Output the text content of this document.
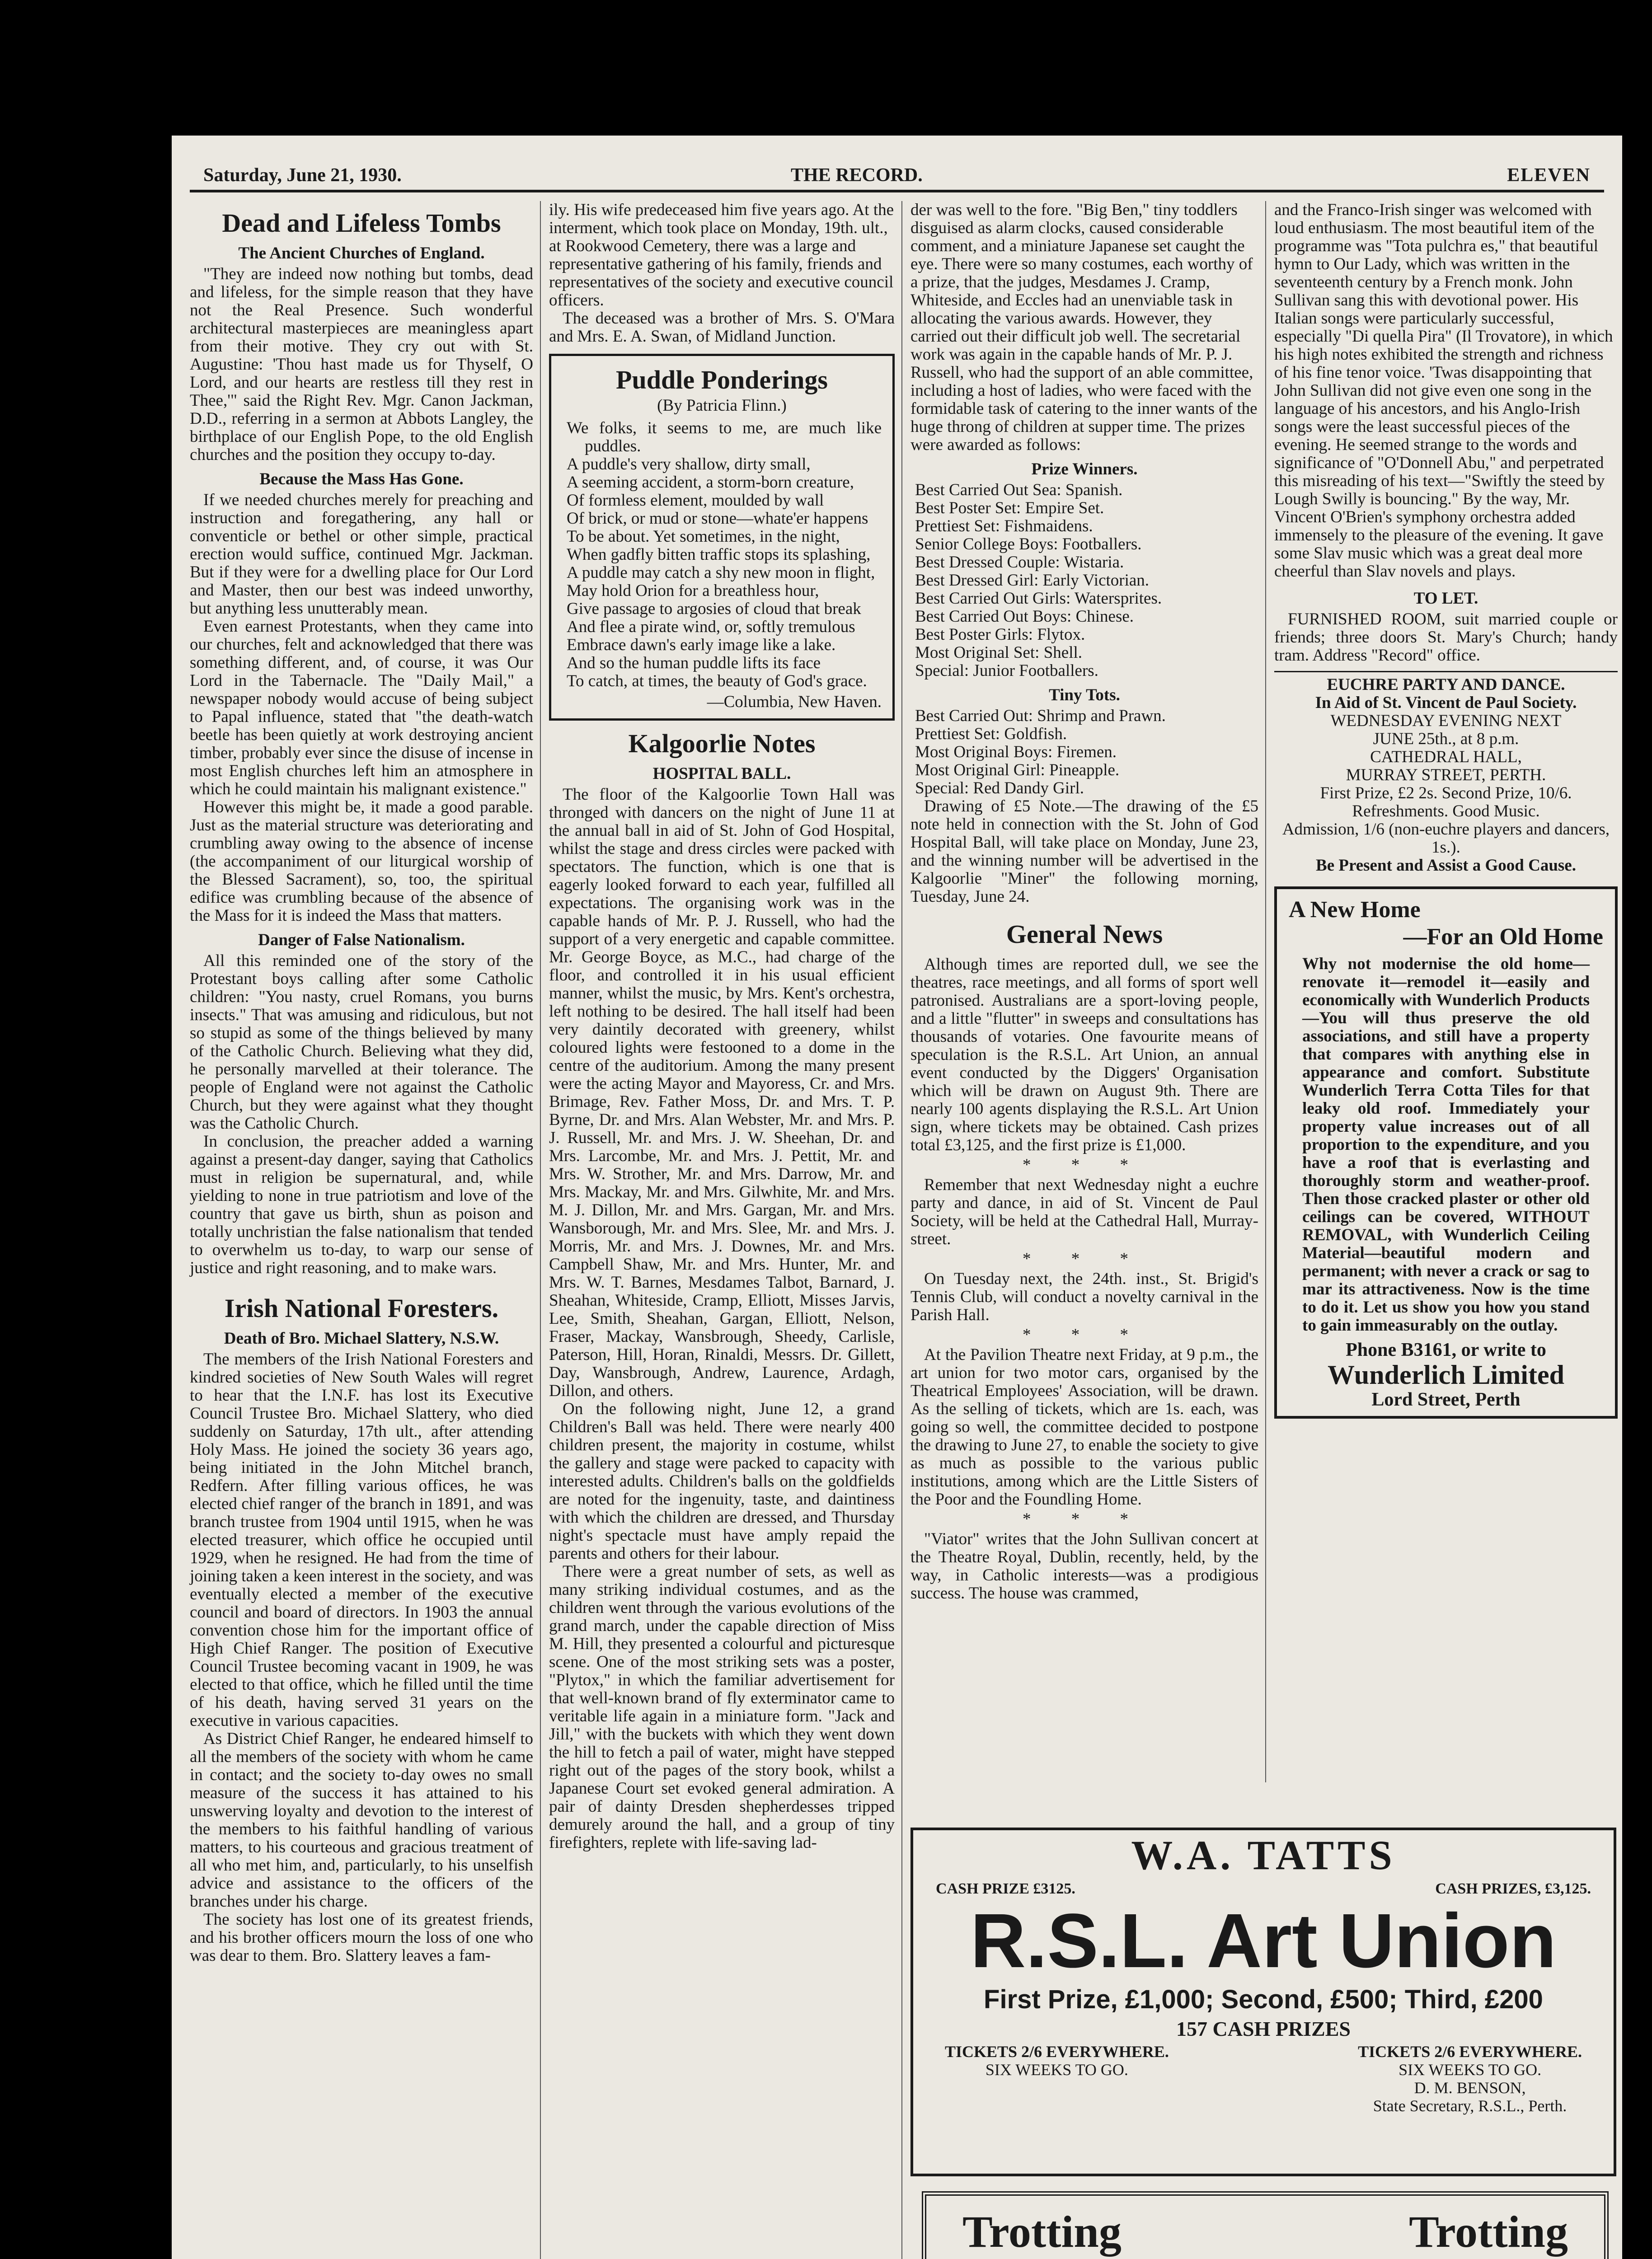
Saturday, June 21, 1930.	THE RECORD.	ELEVEN
Dead and Lifeless Tombs
The Ancient Churches of England.

"They are indeed now nothing but tombs, dead and lifeless, for the simple reason that they have not the Real Presence. Such wonderful architectural masterpieces are meaningless apart from their motive. They cry out with St. Augustine: 'Thou hast made us for Thyself, O Lord, and our hearts are restless till they rest in Thee,'" said the Right Rev. Mgr. Canon Jackman, D.D., referring in a sermon at Abbots Langley, the birthplace of our English Pope, to the old English churches and the position they occupy to-day.

Because the Mass Has Gone.

If we needed churches merely for preaching and instruction and foregathering, any hall or conventicle or bethel or other simple, practical erection would suffice, continued Mgr. Jackman. But if they were for a dwelling place for Our Lord and Master, then our best was indeed unworthy, but anything less unutterably mean.

Even earnest Protestants, when they came into our churches, felt and acknowledged that there was something different, and, of course, it was Our Lord in the Tabernacle. The "Daily Mail," a newspaper nobody would accuse of being subject to Papal influence, stated that "the death-watch beetle has been quietly at work destroying ancient timber, probably ever since the disuse of incense in most English churches left him an atmosphere in which he could maintain his malignant existence."

However this might be, it made a good parable. Just as the material structure was deteriorating and crumbling away owing to the absence of incense (the accompaniment of our liturgical worship of the Blessed Sacrament), so, too, the spiritual edifice was crumbling because of the absence of the Mass for it is indeed the Mass that matters.

Danger of False Nationalism.

All this reminded one of the story of the Protestant boys calling after some Catholic children: "You nasty, cruel Romans, you burns insects." That was amusing and ridiculous, but not so stupid as some of the things believed by many of the Catholic Church. Believing what they did, he personally marvelled at their tolerance. The people of England were not against the Catholic Church, but they were against what they thought was the Catholic Church.

In conclusion, the preacher added a warning against a present-day danger, saying that Catholics must in religion be supernatural, and, while yielding to none in true patriotism and love of the country that gave us birth, shun as poison and totally unchristian the false nationalism that tended to overwhelm us to-day, to warp our sense of justice and right reasoning, and to make wars.

Irish National Foresters.
Death of Bro. Michael Slattery, N.S.W.

The members of the Irish National Foresters and kindred societies of New South Wales will regret to hear that the I.N.F. has lost its Executive Council Trustee Bro. Michael Slattery, who died suddenly on Saturday, 17th ult., after attending Holy Mass. He joined the society 36 years ago, being initiated in the John Mitchel branch, Redfern. After filling various offices, he was elected chief ranger of the branch in 1891, and was branch trustee from 1904 until 1915, when he was elected treasurer, which office he occupied until 1929, when he resigned. He had from the time of joining taken a keen interest in the society, and was eventually elected a member of the executive council and board of directors. In 1903 the annual convention chose him for the important office of High Chief Ranger. The position of Executive Council Trustee becoming vacant in 1909, he was elected to that office, which he filled until the time of his death, having served 31 years on the executive in various capacities.

As District Chief Ranger, he endeared himself to all the members of the society with whom he came in contact; and the society to-day owes no small measure of the success it has attained to his unswerving loyalty and devotion to the interest of the members to his faithful handling of various matters, to his courteous and gracious treatment of all who met him, and, particularly, to his unselfish advice and assistance to the officers of the branches under his charge.

The society has lost one of its greatest friends, and his brother officers mourn the loss of one who was dear to them. Bro. Slattery leaves a fam-

ily. His wife predeceased him five years ago. At the interment, which took place on Monday, 19th. ult., at Rookwood Cemetery, there was a large and representative gathering of his family, friends and representatives of the society and executive council officers.

The deceased was a brother of Mrs. S. O'Mara and Mrs. E. A. Swan, of Midland Junction.

Puddle Ponderings
(By Patricia Flinn.)
We folks, it seems to me, are much like puddles.
A puddle's very shallow, dirty small,
A seeming accident, a storm-born creature,
Of formless element, moulded by wall
Of brick, or mud or stone—whate'er happens
To be about. Yet sometimes, in the night,
When gadfly bitten traffic stops its splashing,
A puddle may catch a shy new moon in flight,
May hold Orion for a breathless hour,
Give passage to argosies of cloud that break
And flee a pirate wind, or, softly tremulous
Embrace dawn's early image like a lake.
And so the human puddle lifts its face
To catch, at times, the beauty of God's grace.
—Columbia, New Haven.
Kalgoorlie Notes
HOSPITAL BALL.

The floor of the Kalgoorlie Town Hall was thronged with dancers on the night of June 11 at the annual ball in aid of St. John of God Hospital, whilst the stage and dress circles were packed with spectators. The function, which is one that is eagerly looked forward to each year, fulfilled all expectations. The organising work was in the capable hands of Mr. P. J. Russell, who had the support of a very energetic and capable committee. Mr. George Boyce, as M.C., had charge of the floor, and controlled it in his usual efficient manner, whilst the music, by Mrs. Kent's orchestra, left nothing to be desired. The hall itself had been very daintily decorated with greenery, whilst coloured lights were festooned to a dome in the centre of the auditorium. Among the many present were the acting Mayor and Mayoress, Cr. and Mrs. Brimage, Rev. Father Moss, Dr. and Mrs. T. P. Byrne, Dr. and Mrs. Alan Webster, Mr. and Mrs. P. J. Russell, Mr. and Mrs. J. W. Sheehan, Dr. and Mrs. Larcombe, Mr. and Mrs. J. Pettit, Mr. and Mrs. W. Strother, Mr. and Mrs. Darrow, Mr. and Mrs. Mackay, Mr. and Mrs. Gilwhite, Mr. and Mrs. M. J. Dillon, Mr. and Mrs. Gargan, Mr. and Mrs. Wansborough, Mr. and Mrs. Slee, Mr. and Mrs. J. Morris, Mr. and Mrs. J. Downes, Mr. and Mrs. Campbell Shaw, Mr. and Mrs. Hunter, Mr. and Mrs. W. T. Barnes, Mesdames Talbot, Barnard, J. Sheahan, Whiteside, Cramp, Elliott, Misses Jarvis, Lee, Smith, Sheahan, Gargan, Elliott, Nelson, Fraser, Mackay, Wansbrough, Sheedy, Carlisle, Paterson, Hill, Horan, Rinaldi, Messrs. Dr. Gillett, Day, Wansbrough, Andrew, Laurence, Ardagh, Dillon, and others.

On the following night, June 12, a grand Children's Ball was held. There were nearly 400 children present, the majority in costume, whilst the gallery and stage were packed to capacity with interested adults. Children's balls on the goldfields are noted for the ingenuity, taste, and daintiness with which the children are dressed, and Thursday night's spectacle must have amply repaid the parents and others for their labour.

There were a great number of sets, as well as many striking individual costumes, and as the children went through the various evolutions of the grand march, under the capable direction of Miss M. Hill, they presented a colourful and picturesque scene. One of the most striking sets was a poster, "Plytox," in which the familiar advertisement for that well-known brand of fly exterminator came to veritable life again in a miniature form. "Jack and Jill," with the buckets with which they went down the hill to fetch a pail of water, might have stepped right out of the pages of the story book, whilst a Japanese Court set evoked general admiration. A pair of dainty Dresden shepherdesses tripped demurely around the hall, and a group of tiny firefighters, replete with life-saving lad-

der was well to the fore. "Big Ben," tiny toddlers disguised as alarm clocks, caused considerable comment, and a miniature Japanese set caught the eye. There were so many costumes, each worthy of a prize, that the judges, Mesdames J. Cramp, Whiteside, and Eccles had an unenviable task in allocating the various awards. However, they carried out their difficult job well. The secretarial work was again in the capable hands of Mr. P. J. Russell, who had the support of an able committee, including a host of ladies, who were faced with the formidable task of catering to the inner wants of the huge throng of children at supper time. The prizes were awarded as follows:

Prize Winners.
Best Carried Out Sea: Spanish.
Best Poster Set: Empire Set.
Prettiest Set: Fishmaidens.
Senior College Boys: Footballers.
Best Dressed Couple: Wistaria.
Best Dressed Girl: Early Victorian.
Best Carried Out Girls: Watersprites.
Best Carried Out Boys: Chinese.
Best Poster Girls: Flytox.
Most Original Set: Shell.
Special: Junior Footballers.
Tiny Tots.
Best Carried Out: Shrimp and Prawn.
Prettiest Set: Goldfish.
Most Original Boys: Firemen.
Most Original Girl: Pineapple.
Special: Red Dandy Girl.

Drawing of £5 Note.—The drawing of the £5 note held in connection with the St. John of God Hospital Ball, will take place on Monday, June 23, and the winning number will be advertised in the Kalgoorlie "Miner" the following morning, Tuesday, June 24.

General News

Although times are reported dull, we see the theatres, race meetings, and all forms of sport well patronised. Australians are a sport-loving people, and a little "flutter" in sweeps and consultations has thousands of votaries. One favourite means of speculation is the R.S.L. Art Union, an annual event conducted by the Diggers' Organisation which will be drawn on August 9th. There are nearly 100 agents displaying the R.S.L. Art Union sign, where tickets may be obtained. Cash prizes total £3,125, and the first prize is £1,000.

* * *

Remember that next Wednesday night a euchre party and dance, in aid of St. Vincent de Paul Society, will be held at the Cathedral Hall, Murray-street.

* * *

On Tuesday next, the 24th. inst., St. Brigid's Tennis Club, will conduct a novelty carnival in the Parish Hall.

* * *

At the Pavilion Theatre next Friday, at 9 p.m., the art union for two motor cars, organised by the Theatrical Employees' Association, will be drawn. As the selling of tickets, which are 1s. each, was going so well, the committee decided to postpone the drawing to June 27, to enable the society to give as much as possible to the various public institutions, among which are the Little Sisters of the Poor and the Foundling Home.

* * *

"Viator" writes that the John Sullivan concert at the Theatre Royal, Dublin, recently, held, by the way, in Catholic interests—was a prodigious success. The house was crammed,

and the Franco-Irish singer was welcomed with loud enthusiasm. The most beautiful item of the programme was "Tota pulchra es," that beautiful hymn to Our Lady, which was written in the seventeenth century by a French monk. John Sullivan sang this with devotional power. His Italian songs were particularly successful, especially "Di quella Pira" (Il Trovatore), in which his high notes exhibited the strength and richness of his fine tenor voice. 'Twas disappointing that John Sullivan did not give even one song in the language of his ancestors, and his Anglo-Irish songs were the least successful pieces of the evening. He seemed strange to the words and significance of "O'Donnell Abu," and perpetrated this misreading of his text—"Swiftly the steed by Lough Swilly is bouncing." By the way, Mr. Vincent O'Brien's symphony orchestra added immensely to the pleasure of the evening. It gave some Slav music which was a great deal more cheerful than Slav novels and plays.

TO LET.

FURNISHED ROOM, suit married couple or friends; three doors St. Mary's Church; handy tram. Address "Record" office.

EUCHRE PARTY AND DANCE.
In Aid of St. Vincent de Paul Society.
WEDNESDAY EVENING NEXT
JUNE 25th., at 8 p.m.
CATHEDRAL HALL,
MURRAY STREET, PERTH.
First Prize, £2 2s. Second Prize, 10/6.
Refreshments. Good Music.
Admission, 1/6 (non-euchre players and dancers, 1s.).
Be Present and Assist a Good Cause.
A New Home
—For an Old Home

Why not modernise the old home—renovate it—remodel it—easily and economically with Wunderlich Products—You will thus preserve the old associations, and still have a property that compares with anything else in appearance and comfort. Substitute Wunderlich Terra Cotta Tiles for that leaky old roof. Immediately your property value increases out of all proportion to the expenditure, and you have a roof that is everlasting and thoroughly storm and weather-proof. Then those cracked plaster or other old ceilings can be covered, WITHOUT REMOVAL, with Wunderlich Ceiling Material—beautiful modern and permanent; with never a crack or sag to mar its attractiveness. Now is the time to do it. Let us show you how you stand to gain immeasurably on the outlay.

Phone B3161, or write to
Wunderlich Limited
Lord Street, Perth
W.A. TATTS
CASH PRIZE £3125.	CASH PRIZES, £3,125.
R.S.L. Art Union
First Prize, £1,000; Second, £500; Third, £200
157 CASH PRIZES
TICKETS 2/6 EVERYWHERE.
SIX WEEKS TO GO.
TICKETS 2/6 EVERYWHERE.
SIX WEEKS TO GO.
D. M. BENSON,
State Secretary, R.S.L., Perth.
Trotting	Trotting
